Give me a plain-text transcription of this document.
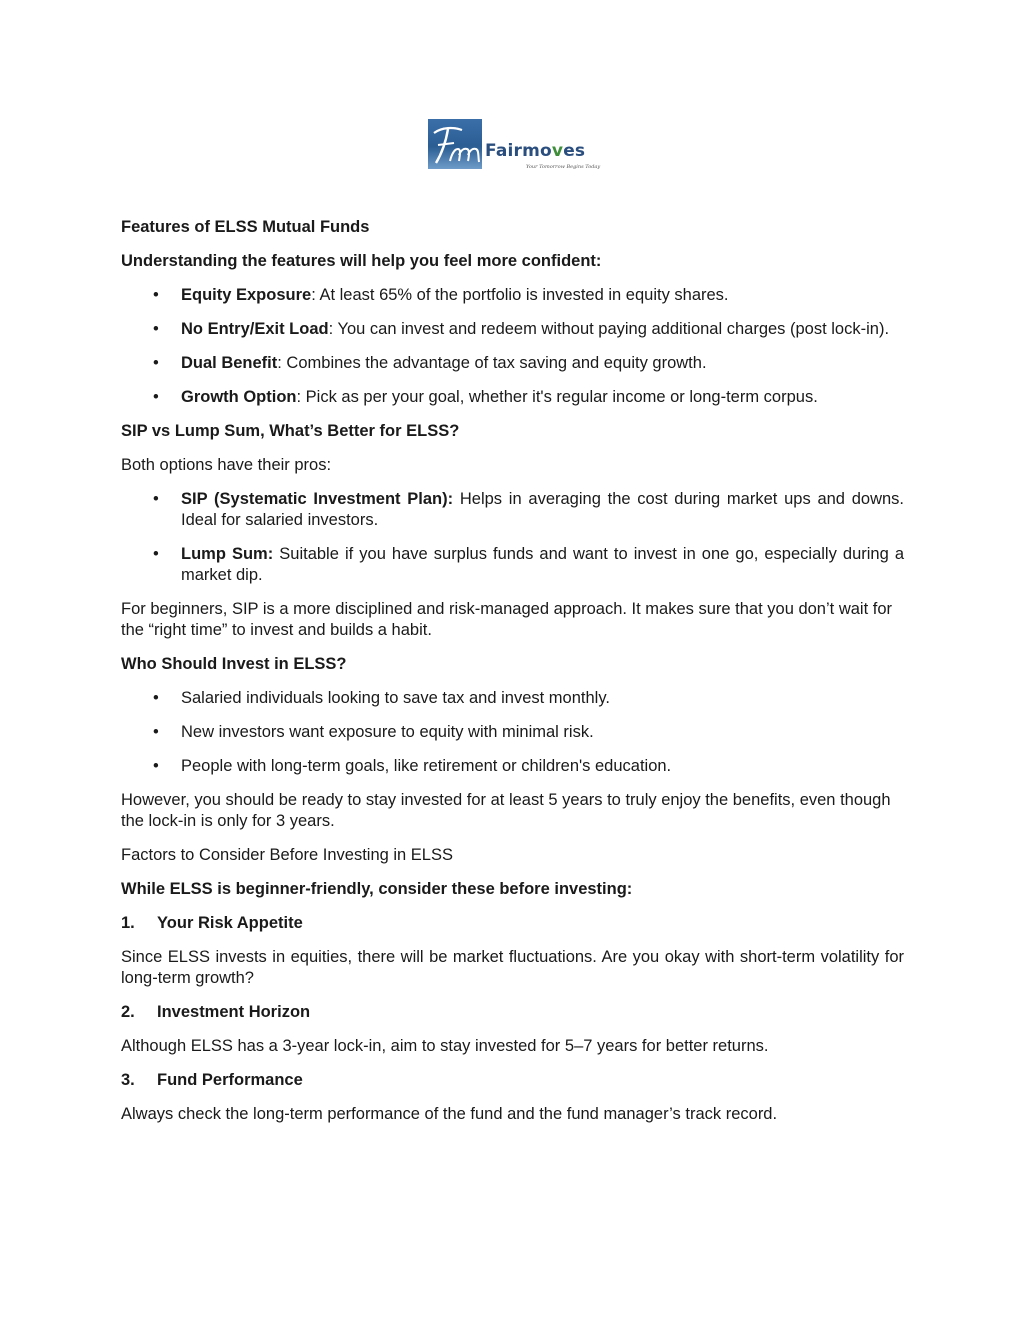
Fairmoves
Your Tomorrow Begins Today

Features of ELSS Mutual Funds

Understanding the features will help you feel more confident:

• Equity Exposure: At least 65% of the portfolio is invested in equity shares.
• No Entry/Exit Load: You can invest and redeem without paying additional charges (post lock-in).
• Dual Benefit: Combines the advantage of tax saving and equity growth.
• Growth Option: Pick as per your goal, whether it's regular income or long-term corpus.

SIP vs Lump Sum, What’s Better for ELSS?

Both options have their pros:

• SIP (Systematic Investment Plan): Helps in averaging the cost during market ups and downs. Ideal for salaried investors.
• Lump Sum: Suitable if you have surplus funds and want to invest in one go, especially during a market dip.

For beginners, SIP is a more disciplined and risk-managed approach. It makes sure that you don’t wait for the “right time” to invest and builds a habit.

Who Should Invest in ELSS?

• Salaried individuals looking to save tax and invest monthly.
• New investors want exposure to equity with minimal risk.
• People with long-term goals, like retirement or children's education.

However, you should be ready to stay invested for at least 5 years to truly enjoy the benefits, even though the lock-in is only for 3 years.

Factors to Consider Before Investing in ELSS

While ELSS is beginner-friendly, consider these before investing:

1.	Your Risk Appetite

Since ELSS invests in equities, there will be market fluctuations. Are you okay with short-term volatility for long-term growth?

2.	Investment Horizon

Although ELSS has a 3-year lock-in, aim to stay invested for 5–7 years for better returns.

3.	Fund Performance

Always check the long-term performance of the fund and the fund manager’s track record.
